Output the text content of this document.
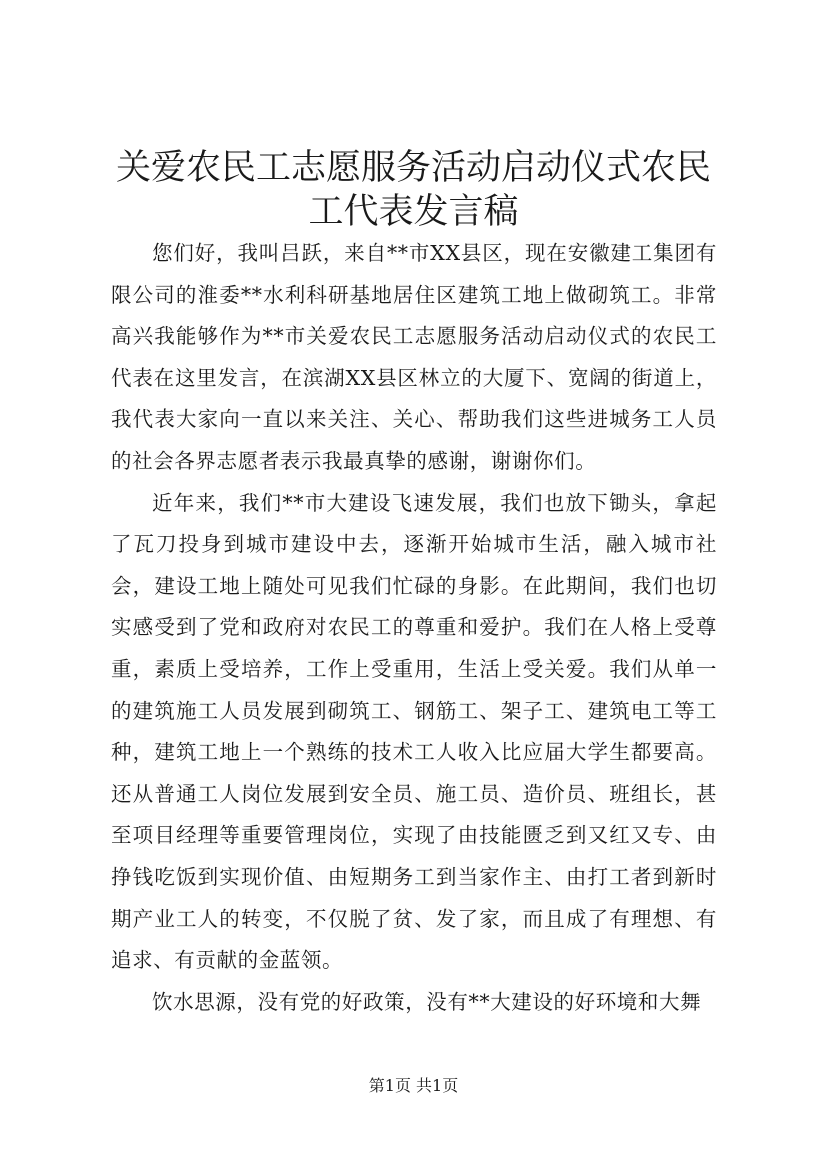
关爱农民工志愿服务活动启动仪式农民工代表发言稿

您们好，我叫吕跃，来自**市XX县区，现在安徽建工集团有限公司的淮委**水利科研基地居住区建筑工地上做砌筑工。非常高兴我能够作为**市关爱农民工志愿服务活动启动仪式的农民工代表在这里发言，在滨湖XX县区林立的大厦下、宽阔的街道上，我代表大家向一直以来关注、关心、帮助我们这些进城务工人员的社会各界志愿者表示我最真挚的感谢，谢谢你们。

近年来，我们**市大建设飞速发展，我们也放下锄头，拿起了瓦刀投身到城市建设中去，逐渐开始城市生活，融入城市社会，建设工地上随处可见我们忙碌的身影。在此期间，我们也切实感受到了党和政府对农民工的尊重和爱护。我们在人格上受尊重，素质上受培养，工作上受重用，生活上受关爱。我们从单一的建筑施工人员发展到砌筑工、钢筋工、架子工、建筑电工等工种，建筑工地上一个熟练的技术工人收入比应届大学生都要高。还从普通工人岗位发展到安全员、施工员、造价员、班组长，甚至项目经理等重要管理岗位，实现了由技能匮乏到又红又专、由挣钱吃饭到实现价值、由短期务工到当家作主、由打工者到新时期产业工人的转变，不仅脱了贫、发了家，而且成了有理想、有追求、有贡献的金蓝领。

饮水思源，没有党的好政策，没有**大建设的好环境和大舞

第1页 共1页
